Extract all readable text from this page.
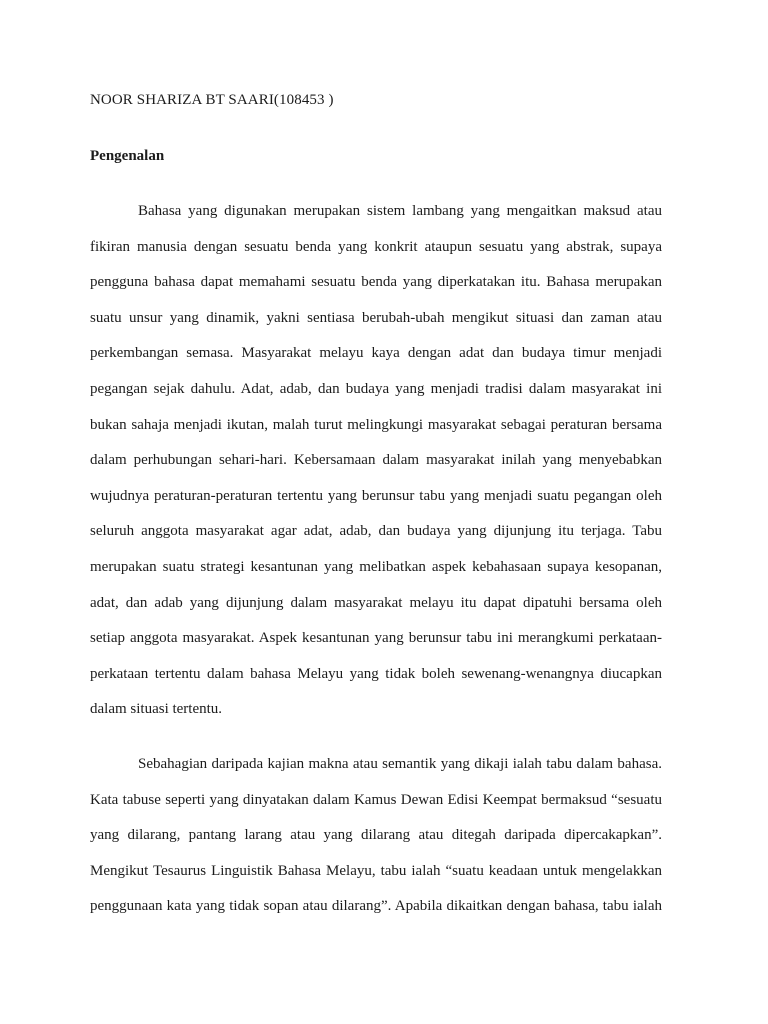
NOOR SHARIZA BT SAARI(108453 )
Pengenalan
Bahasa yang digunakan merupakan sistem lambang yang mengaitkan maksud atau
fikiran manusia dengan sesuatu benda yang konkrit ataupun sesuatu yang abstrak, supaya
pengguna bahasa dapat memahami sesuatu benda yang diperkatakan itu. Bahasa merupakan
suatu unsur yang dinamik, yakni sentiasa berubah-ubah mengikut situasi dan zaman atau
perkembangan semasa. Masyarakat melayu kaya dengan adat dan budaya timur menjadi
pegangan sejak dahulu. Adat, adab, dan budaya yang menjadi tradisi dalam masyarakat ini
bukan sahaja menjadi ikutan, malah turut melingkungi masyarakat sebagai peraturan bersama
dalam perhubungan sehari-hari. Kebersamaan dalam masyarakat inilah yang menyebabkan
wujudnya peraturan-peraturan tertentu yang berunsur tabu yang menjadi suatu pegangan oleh
seluruh anggota masyarakat agar adat, adab, dan budaya yang dijunjung itu terjaga. Tabu
merupakan suatu strategi kesantunan yang melibatkan aspek kebahasaan supaya kesopanan,
adat, dan adab yang dijunjung dalam masyarakat melayu itu dapat dipatuhi bersama oleh
setiap anggota masyarakat. Aspek kesantunan yang berunsur tabu ini merangkumi perkataan-
perkataan tertentu dalam bahasa Melayu yang tidak boleh sewenang-wenangnya diucapkan
dalam situasi tertentu.
Sebahagian daripada kajian makna atau semantik yang dikaji ialah tabu dalam bahasa.
Kata tabuse seperti yang dinyatakan dalam Kamus Dewan Edisi Keempat bermaksud “sesuatu
yang dilarang, pantang larang atau yang dilarang atau ditegah daripada dipercakapkan”.
Mengikut Tesaurus Linguistik Bahasa Melayu, tabu ialah “suatu keadaan untuk mengelakkan
penggunaan kata yang tidak sopan atau dilarang”. Apabila dikaitkan dengan bahasa, tabu ialah
